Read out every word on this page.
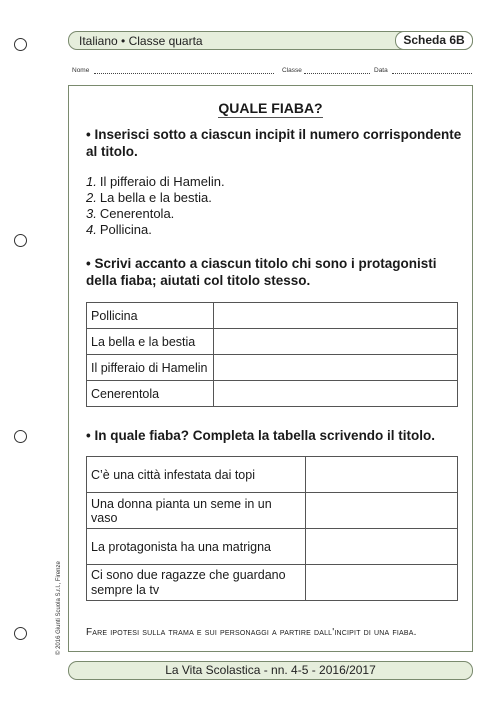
Italiano • Classe quarta	Scheda 6B
Nome	Classe	Data
QUALE FIABA?
• Inserisci sotto a ciascun incipit il numero corrispondente al titolo.
1. Il pifferaio di Hamelin.
2. La bella e la bestia.
3. Cenerentola.
4. Pollicina.
• Scrivi accanto a ciascun titolo chi sono i protagonisti della fiaba; aiutati col titolo stesso.
Pollicina	
La bella e la bestia	
Il pifferaio di Hamelin	
Cenerentola	
• In quale fiaba? Completa la tabella scrivendo il titolo.
C’è una città infestata dai topi	
Una donna pianta un seme in un vaso	
La protagonista ha una matrigna	
Ci sono due ragazze che guardano sempre la tv	
Fare ipotesi sulla trama e sui personaggi a partire dall'incipit di una fiaba.
La Vita Scolastica - nn. 4-5 - 2016/2017
© 2016 Giunti Scuola S.r.l., Firenze
